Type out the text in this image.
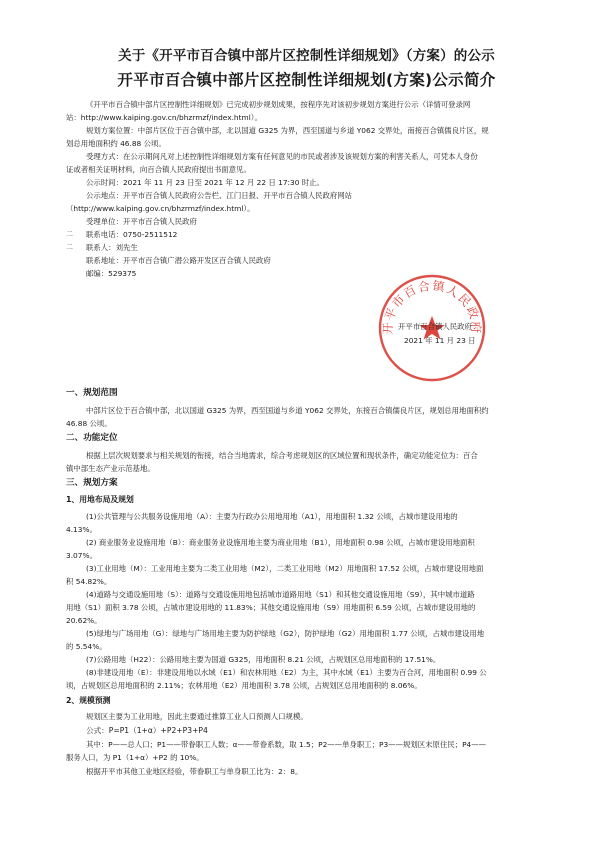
关于《开平市百合镇中部片区控制性详细规划》（方案）的公示
开平市百合镇中部片区控制性详细规划(方案)公示简介
《开平市百合镇中部片区控制性详细规划》已完成初步规划成果，按程序先对该初步规划方案进行公示（详情可登录网
站：http://www.kaiping.gov.cn/bhzrmzf/index.html）。
规划方案位置：中部片区位于百合镇中部，北以国道 G325 为界，西至国道与乡道 Y062 交界处，南接百合镇儒良片区，规
划总用地面积约 46.88 公顷。
受理方式：在公示期间凡对上述控制性详细规划方案有任何意见的市民或者涉及该规划方案的利害关系人，可凭本人身份
证或者相关证明材料，向百合镇人民政府提出书面意见。
公示时间：2021 年 11 月 23 日至 2021 年 12 月 22 日 17:30 时止。
公示地点：开平市百合镇人民政府公告栏、江门日报、开平市百合镇人民政府网站
（http://www.kaiping.gov.cn/bhzrmzf/index.html）。
受理单位：开平市百合镇人民政府
联系电话：0750-2511512
联系人：刘先生
联系地址：开平市百合镇广潜公路开发区百合镇人民政府
邮编：529375
二
二
开平市百合镇人民政府
开平市百合镇人民政府
2021 年 11 月 23 日
一、规划范围
中部片区位于百合镇中部，北以国道 G325 为界，西至国道与乡道 Y062 交界处，东接百合镇儒良片区，规划总用地面积约
46.88 公顷。
二、功能定位
根据上层次规划要求与相关规划的衔接，结合当地需求，综合考虑规划区的区域位置和现状条件，确定功能定位为：百合
镇中部生态产业示范基地。
三、规划方案
1、用地布局及规划
(1)公共管理与公共服务设施用地（A）：主要为行政办公用地用地（A1），用地面积 1.32 公顷，占城市建设用地的
4.13%。
(2) 商业服务业设施用地（B）：商业服务业设施用地主要为商业用地（B1），用地面积 0.98 公顷，占城市建设用地面积
3.07%。
(3)工业用地（M）：工业用地主要为二类工业用地（M2），二类工业用地（M2）用地面积 17.52 公顷，占城市建设用地面
积 54.82%。
(4)道路与交通设施用地（S）：道路与交通设施用地包括城市道路用地（S1）和其他交通设施用地（S9），其中城市道路
用地（S1）面积 3.78 公顷，占城市建设用地的 11.83%；其他交通设施用地（S9）用地面积 6.59 公顷，占城市建设用地的
20.62%。
(5)绿地与广场用地（G）：绿地与广场用地主要为防护绿地（G2），防护绿地（G2）用地面积 1.77 公顷，占城市建设用地
的 5.54%。
(7)公路用地（H22）：公路用地主要为国道 G325，用地面积 8.21 公顷，占规划区总用地面积的 17.51%。
(8)非建设用地（E）：非建设用地以水域（E1）和农林用地（E2）为主，其中水域（E1）主要为百合河，用地面积 0.99 公
顷，占规划区总用地面积的 2.11%；农林用地（E2）用地面积 3.78 公顷，占规划区总用地面积的 8.06%。
2、规模预测
规划区主要为工业用地，因此主要通过推算工业人口预测人口规模。
公式：P=P1（1+α）+P2+P3+P4
其中：P——总人口；P1——带眷职工人数；α——带眷系数，取 1.5；P2——单身职工；P3——规划区末原住民；P4——
服务人口，为 P1（1+α）+P2 的 10%。
根据开平市其他工业地区经验，带眷职工与单身职工比为：2：8。
